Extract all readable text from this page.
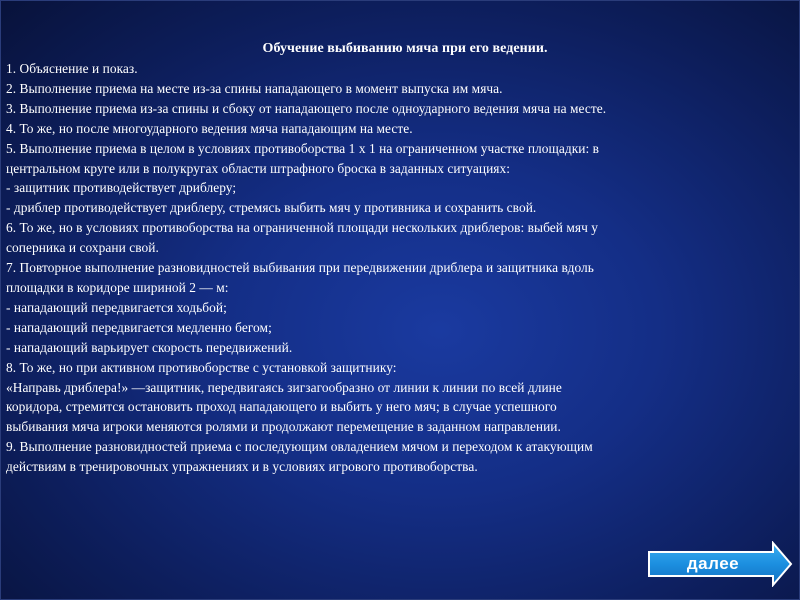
Обучение выбиванию мяча при его ведении.

1. Объяснение и показ.

2. Выполнение приема на месте из-за спины нападающего в момент выпуска им мяча.

3. Выполнение приема из-за спины и сбоку от нападающего после одноударного ведения мяча на месте.

4. То же, но после многоударного ведения мяча нападающим на месте.

5. Выполнение приема в целом в условиях противоборства 1 х 1 на ограниченном участке площадки: в

центральном круге или в полукругах области штрафного броска в заданных ситуациях:

- защитник противодействует дриблеру;

- дриблер противодействует дриблеру, стремясь выбить мяч у противника и сохранить свой.

6. То же, но в условиях противоборства на ограниченной площади нескольких дриблеров: выбей мяч у

соперника и сохрани свой.

7. Повторное выполнение разновидностей выбивания при передвижении дриблера и защитника вдоль

площадки в коридоре шириной 2 — м:

- нападающий передвигается ходьбой;

- нападающий передвигается медленно бегом;

- нападающий варьирует скорость передвижений.

8. То же, но при активном противоборстве с установкой защитнику:

«Направь дриблера!» —защитник, передвигаясь зигзагообразно от линии к линии по всей длине

коридора, стремится остановить проход нападающего и выбить у него мяч; в случае успешного

выбивания мяча игроки меняются ролями и продолжают перемещение в заданном направлении.

9. Выполнение разновидностей приема с последующим овладением мячом и переходом к атакующим

действиям в тренировочных упражнениях и в условиях игрового противоборства.

далее
